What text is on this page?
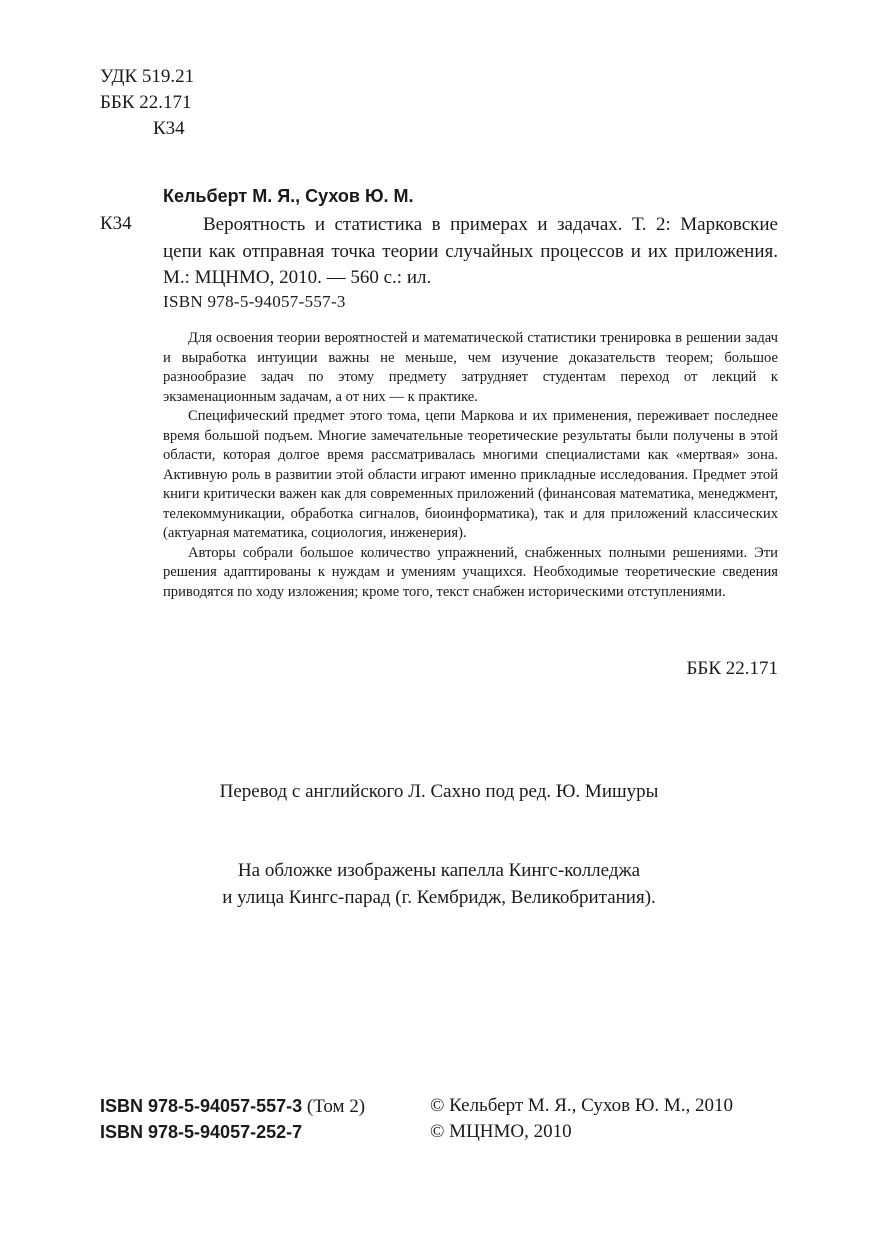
УДК 519.21
ББК 22.171
К34
Кельберт М. Я., Сухов Ю. М.
К34	Вероятность и статистика в примерах и задачах. Т. 2: Марковские цепи как отправная точка теории случайных процессов и их приложения. М.: МЦНМО, 2010. — 560 с.: ил.
ISBN 978-5-94057-557-3

Для освоения теории вероятностей и математической статистики тренировка в решении задач и выработка интуиции важны не меньше, чем изучение доказательств теорем; большое разнообразие задач по этому предмету затрудняет студентам переход от лекций к экзаменационным задачам, а от них — к практике.

Специфический предмет этого тома, цепи Маркова и их применения, переживает последнее время большой подъем. Многие замечательные теоретические результаты были получены в этой области, которая долгое время рассматривалась многими специалистами как «мертвая» зона. Активную роль в развитии этой области играют именно прикладные исследования. Предмет этой книги критически важен как для современных приложений (финансовая математика, менеджмент, телекоммуникации, обработка сигналов, биоинформатика), так и для приложений классических (актуарная математика, социология, инженерия).

Авторы собрали большое количество упражнений, снабженных полными решениями. Эти решения адаптированы к нуждам и умениям учащихся. Необходимые теоретические сведения приводятся по ходу изложения; кроме того, текст снабжен историческими отступлениями.

ББК 22.171
Перевод с английского Л. Сахно под ред. Ю. Мишуры
На обложке изображены капелла Кингс-колледжа
и улица Кингс-парад (г. Кембридж, Великобритания).
ISBN 978-5-94057-557-3 (Том 2)	© Кельберт М. Я., Сухов Ю. М., 2010
ISBN 978-5-94057-252-7	© МЦНМО, 2010
